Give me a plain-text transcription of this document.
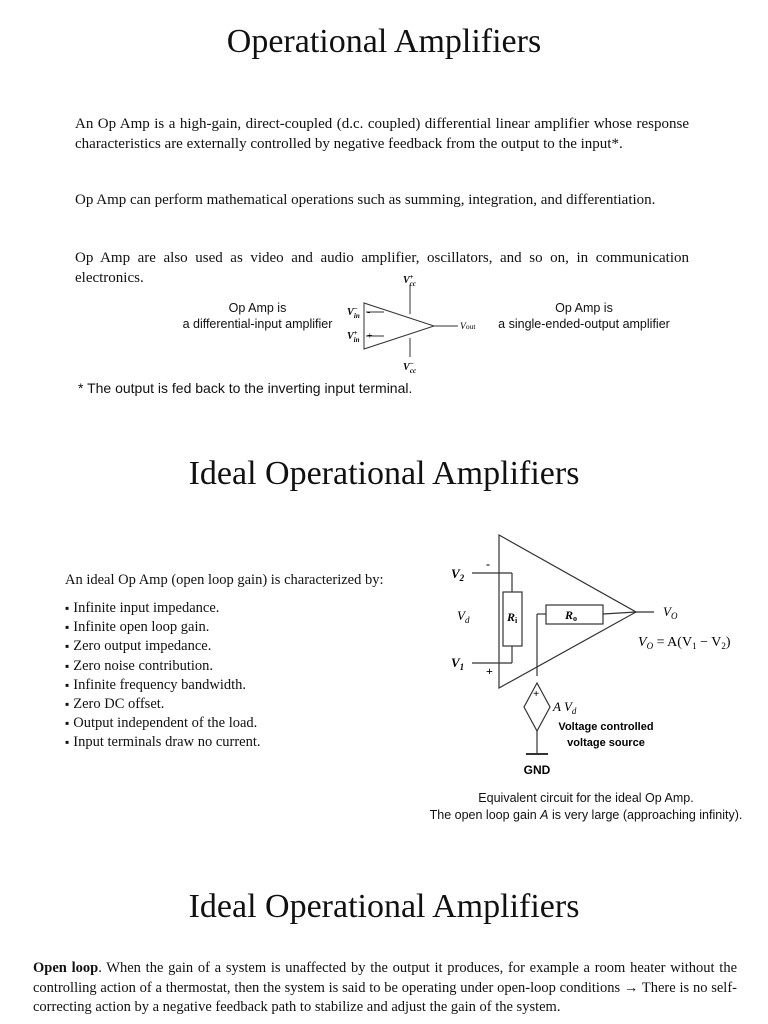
Operational Amplifiers

An Op Amp is a high-gain, direct-coupled (d.c. coupled) differential linear amplifier whose response characteristics are externally controlled by negative feedback from the output to the input*.

Op Amp can perform mathematical operations such as summing, integration, and differentiation.

Op Amp are also used as video and audio amplifier, oscillators, and so on, in communication electronics.

Op Amp is
a differential-input amplifier
Op Amp is
a single-ended-output amplifier
V+ cc
V− cc
V− in
V+ in
-
+
Vout
* The output is fed back to the inverting input terminal.
Ideal Operational Amplifiers
An ideal Op Amp (open loop gain) is characterized by:
▪ Infinite input impedance.
▪ Infinite open loop gain.
▪ Zero output impedance.
▪ Zero noise contribution.
▪ Infinite frequency bandwidth.
▪ Zero DC offset.
▪ Output independent of the load.
▪ Input terminals draw no current.
$V_2$
$V_1$
$V_d$
-
+
Ri	Ro	$V_O$
$V_O = A(V_1 - V_2)$
+
A $V_d$
Voltage controlled
voltage source
GND

Equivalent circuit for the ideal Op Amp.

The open loop gain A is very large (approaching infinity).

Ideal Operational Amplifiers

Open loop. When the gain of a system is unaffected by the output it produces, for example a room heater without the controlling action of a thermostat, then the system is said to be operating under open-loop conditions → There is no self-correcting action by a negative feedback path to stabilize and adjust the gain of the system.
